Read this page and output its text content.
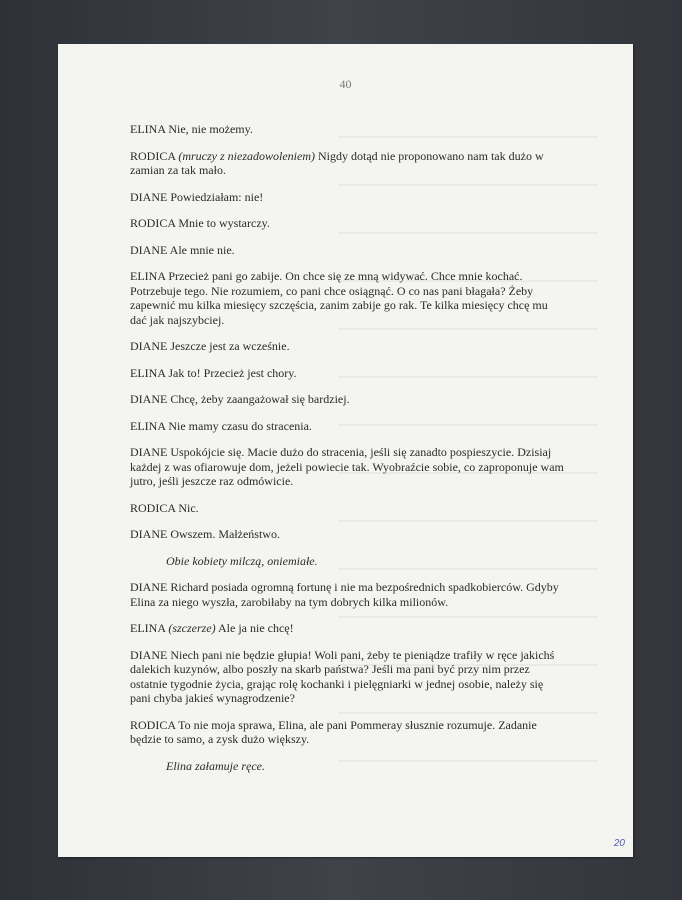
40

ELINA Nie, nie możemy.

RODICA (mruczy z niezadowoleniem) Nigdy dotąd nie proponowano nam tak dużo w zamian za tak mało.

DIANE Powiedziałam: nie!

RODICA Mnie to wystarczy.

DIANE Ale mnie nie.

ELINA Przecież pani go zabije. On chce się ze mną widywać. Chce mnie kochać. Potrzebuje tego. Nie rozumiem, co pani chce osiągnąć. O co nas pani błagała? Żeby zapewnić mu kilka miesięcy szczęścia, zanim zabije go rak. Te kilka miesięcy chcę mu dać jak najszybciej.

DIANE Jeszcze jest za wcześnie.

ELINA Jak to! Przecież jest chory.

DIANE Chcę, żeby zaangażował się bardziej.

ELINA Nie mamy czasu do stracenia.

DIANE Uspokójcie się. Macie dużo do stracenia, jeśli się zanadto pospieszycie. Dzisiaj każdej z was ofiarowuje dom, jeżeli powiecie tak. Wyobraźcie sobie, co zaproponuje wam jutro, jeśli jeszcze raz odmówicie.

RODICA Nic.

DIANE Owszem. Małżeństwo.

Obie kobiety milczą, oniemiałe.

DIANE Richard posiada ogromną fortunę i nie ma bezpośrednich spadkobierców. Gdyby Elina za niego wyszła, zarobiłaby na tym dobrych kilka milionów.

ELINA (szczerze) Ale ja nie chcę!

DIANE Niech pani nie będzie głupia! Woli pani, żeby te pieniądze trafiły w ręce jakichś dalekich kuzynów, albo poszły na skarb państwa? Jeśli ma pani być przy nim przez ostatnie tygodnie życia, grając rolę kochanki i pielęgniarki w jednej osobie, należy się pani chyba jakieś wynagrodzenie?

RODICA To nie moja sprawa, Elina, ale pani Pommeray słusznie rozumuje. Zadanie będzie to samo, a zysk dużo większy.

Elina załamuje ręce.

20
